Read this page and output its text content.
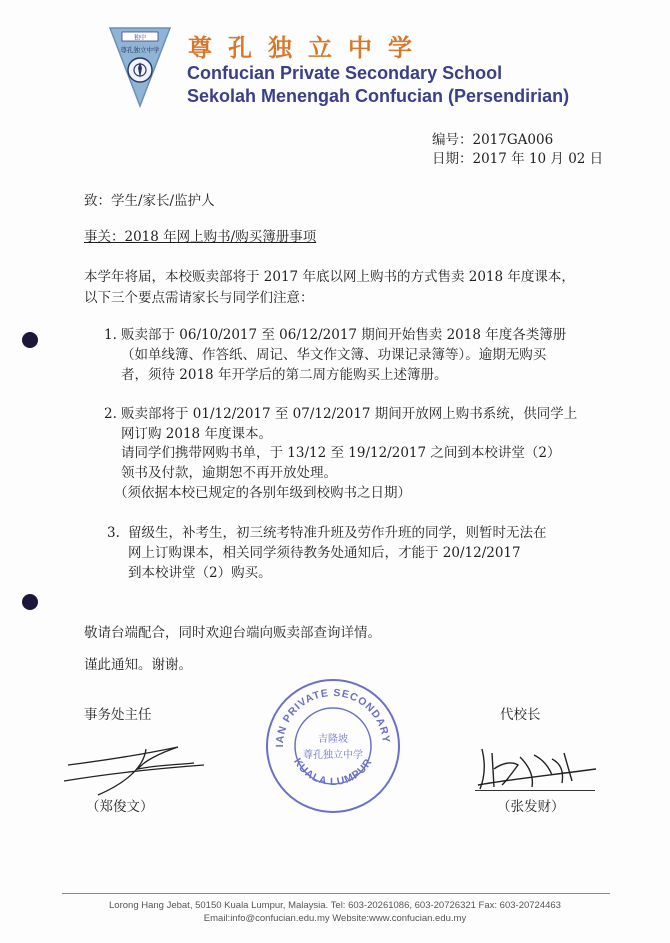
独中
尊孔独立中学 尊孔独立中学
Confucian Private Secondary School
Sekolah Menengah Confucian (Persendirian)
编号：2017GA006
日期：2017 年 10 月 02 日
致：学生/家长/监护人
事关：2018 年网上购书/购买簿册事项
本学年将届，本校贩卖部将于 2017 年底以网上购书的方式售卖 2018 年度课本，
以下三个要点需请家长与同学们注意：
1. 贩卖部于 06/10/2017 至 06/12/2017 期间开始售卖 2018 年度各类簿册
（如单线簿、作答纸、周记、华文作文簿、功课记录簿等）。逾期无购买
者，须待 2018 年开学后的第二周方能购买上述簿册。
2. 贩卖部将于 01/12/2017 至 07/12/2017 期间开放网上购书系统，供同学上
网订购 2018 年度课本。
请同学们携带网购书单，于 13/12 至 19/12/2017 之间到本校讲堂（2）
领书及付款，逾期恕不再开放处理。
（须依据本校已规定的各别年级到校购书之日期）
3. 留级生，补考生，初三统考特准升班及劳作升班的同学，则暂时无法在
网上订购课本，相关同学须待教务处通知后，才能于 20/12/2017
到本校讲堂（2）购买。
敬请台端配合，同时欢迎台端向贩卖部查询详情。
谨此通知。谢谢。
事务处主任
（郑俊文）
IAN PRIVATE SECONDARY
KUALA LUMPUR
吉隆坡
尊孔独立中学
代校长
（张发财）
Lorong Hang Jebat, 50150 Kuala Lumpur, Malaysia. Tel: 603-20261086, 603-20726321 Fax: 603-20724463
Email:info@confucian.edu.my Website:www.confucian.edu.my
